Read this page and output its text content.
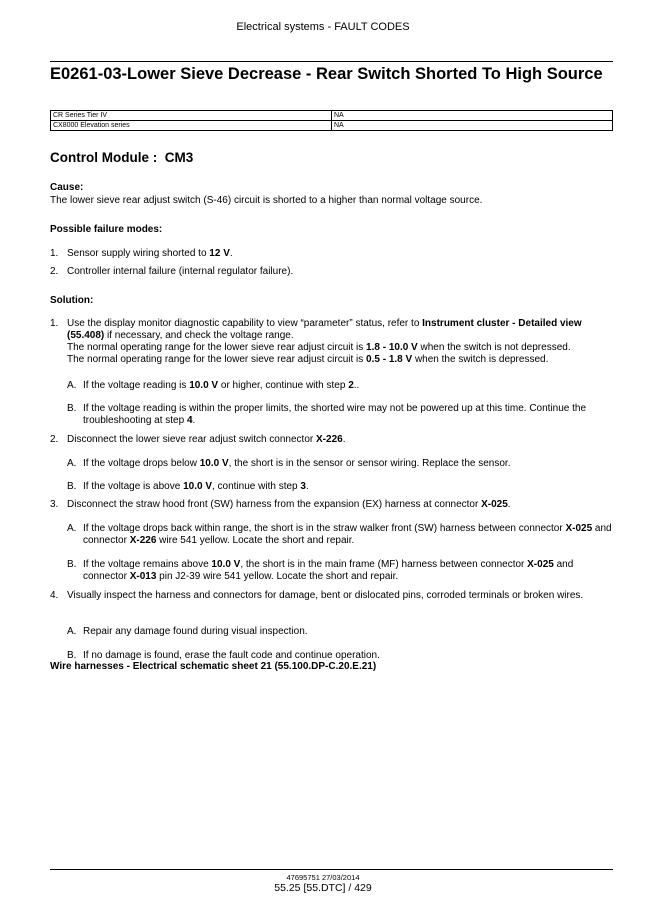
Electrical systems - FAULT CODES
E0261-03-Lower Sieve Decrease - Rear Switch Shorted To High Source
CR Series Tier IV	NA
CX8000 Elevation series	NA
Control Module : CM3
Cause:
The lower sieve rear adjust switch (S-46) circuit is shorted to a higher than normal voltage source.
Possible failure modes:
1. Sensor supply wiring shorted to 12 V.
2. Controller internal failure (internal regulator failure).
Solution:
1. Use the display monitor diagnostic capability to view “parameter” status, refer to Instrument cluster - Detailed view (55.408) if necessary, and check the voltage range.
The normal operating range for the lower sieve rear adjust circuit is 1.8 - 10.0 V when the switch is not depressed.
The normal operating range for the lower sieve rear adjust circuit is 0.5 - 1.8 V when the switch is depressed.
A. If the voltage reading is 10.0 V or higher, continue with step 2..
B. If the voltage reading is within the proper limits, the shorted wire may not be powered up at this time. Continue the troubleshooting at step 4.
2. Disconnect the lower sieve rear adjust switch connector X-226.
A. If the voltage drops below 10.0 V, the short is in the sensor or sensor wiring. Replace the sensor.
B. If the voltage is above 10.0 V, continue with step 3.
3. Disconnect the straw hood front (SW) harness from the expansion (EX) harness at connector X-025.
A. If the voltage drops back within range, the short is in the straw walker front (SW) harness between connector X-025 and connector X-226 wire 541 yellow. Locate the short and repair.
B. If the voltage remains above 10.0 V, the short is in the main frame (MF) harness between connector X-025 and connector X-013 pin J2-39 wire 541 yellow. Locate the short and repair.
4. Visually inspect the harness and connectors for damage, bent or dislocated pins, corroded terminals or broken wires.
A. Repair any damage found during visual inspection.
B. If no damage is found, erase the fault code and continue operation.
Wire harnesses - Electrical schematic sheet 21 (55.100.DP-C.20.E.21)
47695751 27/03/2014
55.25 [55.DTC] / 429
